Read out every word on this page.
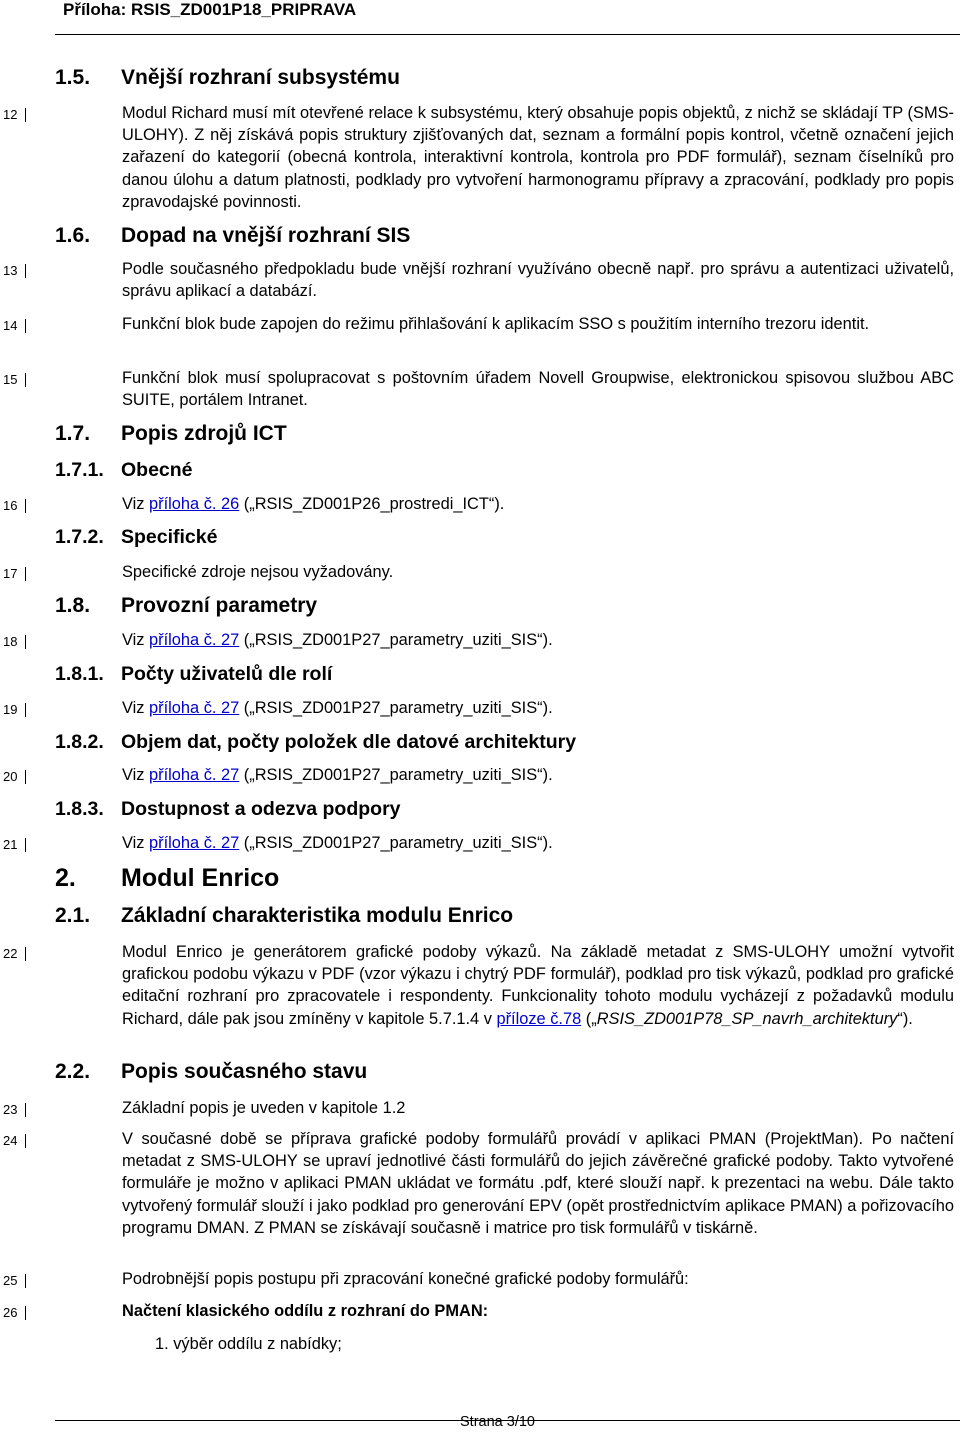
Příloha: RSIS_ZD001P18_PRIPRAVA
1.5. Vnější rozhraní subsystému
12	Modul Richard musí mít otevřené relace k subsystému, který obsahuje popis objektů, z nichž se skládají TP (SMS-ULOHY). Z něj získává popis struktury zjišťovaných dat, seznam a formální popis kontrol, včetně označení jejich zařazení do kategorií (obecná kontrola, interaktivní kontrola, kontrola pro PDF formulář), seznam číselníků pro danou úlohu a datum platnosti, podklady pro vytvoření harmonogramu přípravy a zpracování, podklady pro popis zpravodajské povinnosti.
1.6. Dopad na vnější rozhraní SIS
13	Podle současného předpokladu bude vnější rozhraní využíváno obecně např. pro správu a autentizaci uživatelů, správu aplikací a databází.
14	Funkční blok bude zapojen do režimu přihlašování k aplikacím SSO s použitím interního trezoru identit.
15	Funkční blok musí spolupracovat s poštovním úřadem Novell Groupwise, elektronickou spisovou službou ABC SUITE, portálem Intranet.
1.7. Popis zdrojů ICT
1.7.1. Obecné
16	Viz příloha č. 26 („RSIS_ZD001P26_prostredi_ICT“).
1.7.2. Specifické
17	Specifické zdroje nejsou vyžadovány.
1.8. Provozní parametry
18	Viz příloha č. 27 („RSIS_ZD001P27_parametry_uziti_SIS“).
1.8.1. Počty uživatelů dle rolí
19	Viz příloha č. 27 („RSIS_ZD001P27_parametry_uziti_SIS“).
1.8.2. Objem dat, počty položek dle datové architektury
20	Viz příloha č. 27 („RSIS_ZD001P27_parametry_uziti_SIS“).
1.8.3. Dostupnost a odezva podpory
21	Viz příloha č. 27 („RSIS_ZD001P27_parametry_uziti_SIS“).
2. Modul Enrico
2.1. Základní charakteristika modulu Enrico
22	Modul Enrico je generátorem grafické podoby výkazů. Na základě metadat z SMS-ULOHY umožní vytvořit grafickou podobu výkazu v PDF (vzor výkazu i chytrý PDF formulář), podklad pro tisk výkazů, podklad pro grafické editační rozhraní pro zpracovatele i respondenty. Funkcionality tohoto modulu vycházejí z požadavků modulu Richard, dále pak jsou zmíněny v kapitole 5.7.1.4 v příloze č.78 („RSIS_ZD001P78_SP_navrh_architektury“).
2.2. Popis současného stavu
23	Základní popis je uveden v kapitole 1.2
24	V současné době se příprava grafické podoby formulářů provádí v aplikaci PMAN (ProjektMan). Po načtení metadat z SMS-ULOHY se upraví jednotlivé části formulářů do jejich závěrečné grafické podoby. Takto vytvořené formuláře je možno v aplikaci PMAN ukládat ve formátu .pdf, které slouží např. k prezentaci na webu. Dále takto vytvořený formulář slouží i jako podklad pro generování EPV (opět prostřednictvím aplikace PMAN) a pořizovacího programu DMAN. Z PMAN se získávají současně i matrice pro tisk formulářů v tiskárně.
25	Podrobnější popis postupu při zpracování konečné grafické podoby formulářů:
26	Načtení klasického oddílu z rozhraní do PMAN:
1. výběr oddílu z nabídky;
Strana 3/10
